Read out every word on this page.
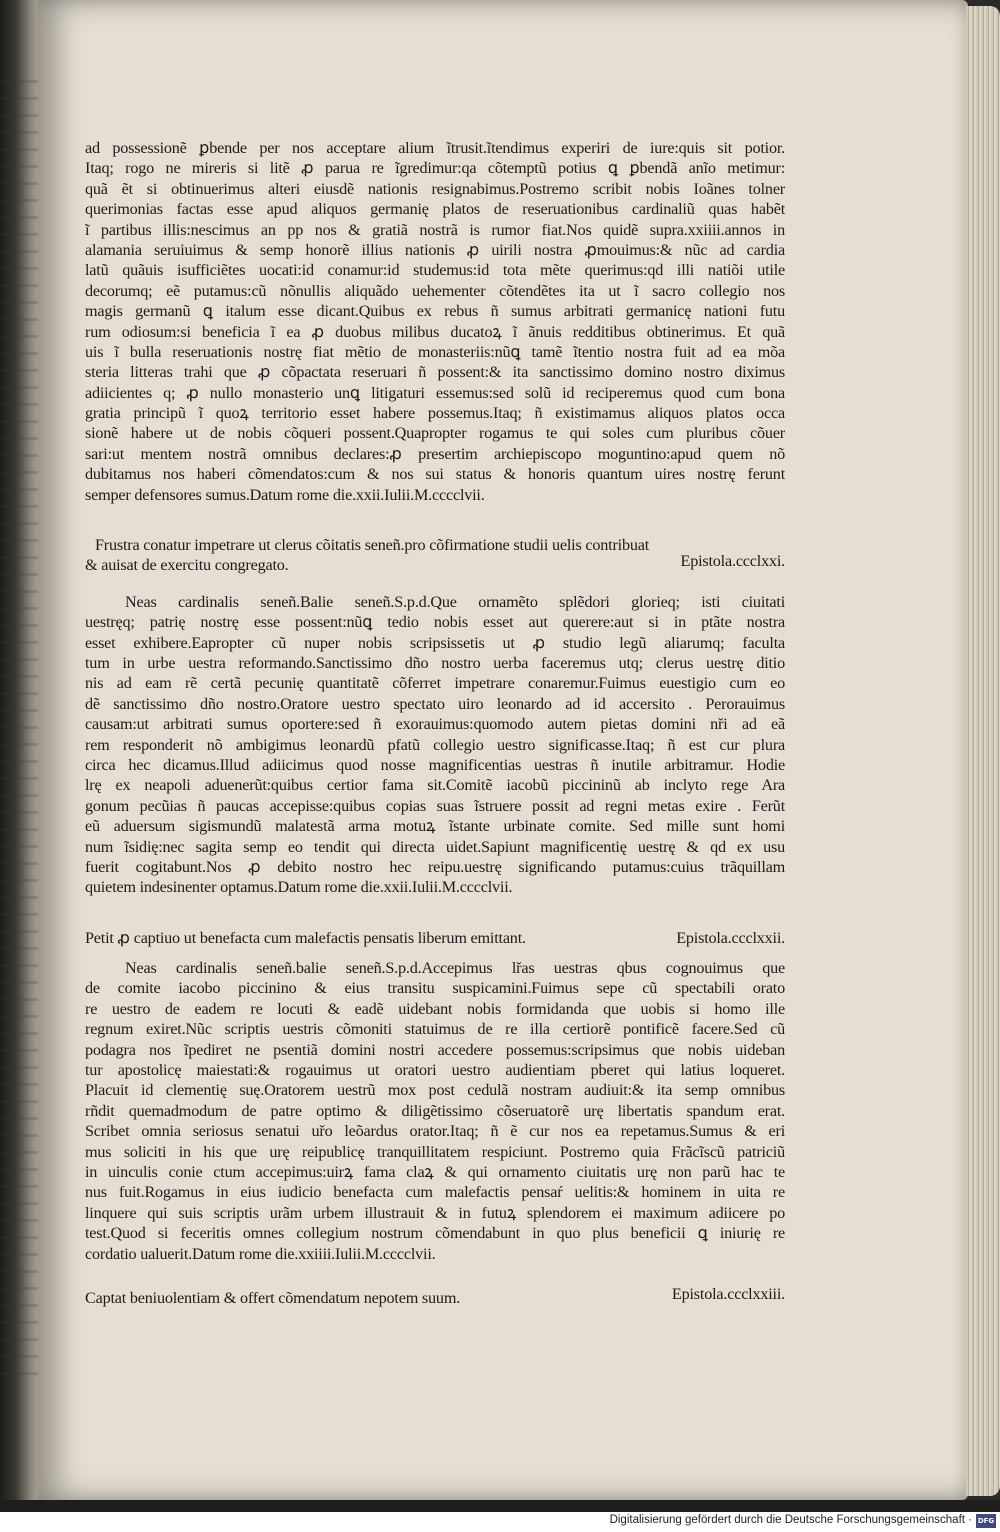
ad possessionẽ ꝑbende per nos acceptare alium ĩtrusit.ĩtendimus experiri de iure:quis sit potior.
Itaq; rogo ne mireris si litẽ ꝓ parua re ĩgredimur:qa cõtemptũ potius ꝗ ꝑbendã anĩo metimur:
quã ẽt si obtinuerimus alteri eiusdẽ nationis resignabimus.Postremo scribit nobis Ioãnes tolner
querimonias factas esse apud aliquos germanię platos de reseruationibus cardinaliũ quas habẽt
ĩ partibus illis:nescimus an pp nos & gratiã nostrã is rumor fiat.Nos quidẽ supra.xxiiii.annos in
alamania seruiuimus & semp honorẽ illius nationis ꝓ uirili nostra ꝓmouimus:& nũc ad cardia
latũ quãuis isufficiẽtes uocati:id conamur:id studemus:id tota mẽte querimus:qd illi natiõi utile
decorumq; eẽ putamus:cũ nõnullis aliquãdo uehementer cõtendẽtes ita ut ĩ sacro collegio nos
magis germanũ ꝗ italum esse dicant.Quibus ex rebus ñ sumus arbitrati germanicę nationi futu
rum odiosum:si beneficia ĩ ea ꝓ duobus milibus ducatoꝝ ĩ ãnuis redditibus obtinerimus. Et quã
uis ĩ bulla reseruationis nostrę fiat mẽtio de monasteriis:nũꝗ tamẽ ĩtentio nostra fuit ad ea mõa
steria litteras trahi que ꝓ cõpactata reseruari ñ possent:& ita sanctissimo domino nostro diximus
adiicientes q; ꝓ nullo monasterio unꝗ litigaturi essemus:sed solũ id reciperemus quod cum bona
gratia principũ ĩ quoꝝ territorio esset habere possemus.Itaq; ñ existimamus aliquos platos occa
sionẽ habere ut de nobis cõqueri possent.Quapropter rogamus te qui soles cum pluribus cõuer
sari:ut mentem nostrã omnibus declares:ꝓ presertim archiepiscopo moguntino:apud quem nõ
dubitamus nos haberi cõmendatos:cum & nos sui status & honoris quantum uires nostrę ferunt
semper defensores sumus.Datum rome die.xxii.Iulii.M.cccclvii.
Frustra conatur impetrare ut clerus cõitatis seneñ.pro cõfirmatione studii uelis contribuat
& auisat de exercitu congregato.	Epistola.ccclxxi.
Neas cardinalis seneñ.Balie seneñ.S.p.d.Que ornamẽto splẽdori glorieq; isti ciuitati
uestręq; patrię nostrę esse possent:nũꝗ tedio nobis esset aut querere:aut si in ptãte nostra
esset exhibere.Eapropter cũ nuper nobis scripsissetis ut ꝓ studio legũ aliarumq; faculta
tum in urbe uestra reformando.Sanctissimo dño nostro uerba faceremus utq; clerus uestrę ditio
nis ad eam rẽ certã pecunię quantitatẽ cõferret impetrare conaremur.Fuimus euestigio cum eo
dẽ sanctissimo dño nostro.Oratore uestro spectato uiro leonardo ad id accersito . Perorauimus
causam:ut arbitrati sumus oportere:sed ñ exorauimus:quomodo autem pietas domini nři ad eã
rem responderit nõ ambigimus leonardũ pfatũ collegio uestro significasse.Itaq; ñ est cur plura
circa hec dicamus.Illud adiicimus quod nosse magnificentias uestras ñ inutile arbitramur. Hodie
lrę ex neapoli aduenerũt:quibus certior fama sit.Comitẽ iacobũ piccininũ ab inclyto rege Ara
gonum pecũias ñ paucas accepisse:quibus copias suas ĩstruere possit ad regni metas exire . Ferũt
eũ aduersum sigismundũ malatestã arma motuꝝ ĩstante urbinate comite. Sed mille sunt homi
num ĩsidię:nec sagita semp eo tendit qui directa uidet.Sapiunt magnificentię uestrę & qd ex usu
fuerit cogitabunt.Nos ꝓ debito nostro hec reipu.uestrę significando putamus:cuius trãquillam
quietem indesinenter optamus.Datum rome die.xxii.Iulii.M.cccclvii.
Petit ꝓ captiuo ut benefacta cum malefactis pensatis liberum emittant.	Epistola.ccclxxii.
Neas cardinalis seneñ.balie seneñ.S.p.d.Accepimus lřas uestras qbus cognouimus que
de comite iacobo piccinino & eius transitu suspicamini.Fuimus sepe cũ spectabili orato
re uestro de eadem re locuti & eadẽ uidebant nobis formidanda que uobis si homo ille
regnum exiret.Nũc scriptis uestris cõmoniti statuimus de re illa certiorẽ pontificẽ facere.Sed cũ
podagra nos ĩpediret ne psentiã domini nostri accedere possemus:scripsimus que nobis uideban
tur apostolicę maiestati:& rogauimus ut oratori uestro audientiam pberet qui latius loqueret.
Placuit id clementię suę.Oratorem uestrũ mox post cedulã nostram audiuit:& ita semp omnibus
rñdit quemadmodum de patre optimo & diligẽtissimo cõseruatorẽ urę libertatis spandum erat.
Scribet omnia seriosus senatui uřo leõardus orator.Itaq; ñ ẽ cur nos ea repetamus.Sumus & eri
mus soliciti in his que urę reipublicę tranquillitatem respiciunt. Postremo quia Frãcĩscũ patriciũ
in uinculis conie ctum accepimus:uirꝝ fama claꝝ & qui ornamento ciuitatis urę non parũ hac te
nus fuit.Rogamus in eius iudicio benefacta cum malefactis pensaŕ uelitis:& hominem in uita re
linquere qui suis scriptis urãm urbem illustrauit & in futuꝝ splendorem ei maximum adiicere po
test.Quod si feceritis omnes collegium nostrum cõmendabunt in quo plus beneficii ꝗ iniurię re
cordatio ualuerit.Datum rome die.xxiiii.Iulii.M.cccclvii.
Captat beniuolentiam & offert cõmendatum nepotem suum.	Epistola.ccclxxiii.
Digitalisierung gefördert durch die Deutsche Forschungsgemeinschaft · DFG
